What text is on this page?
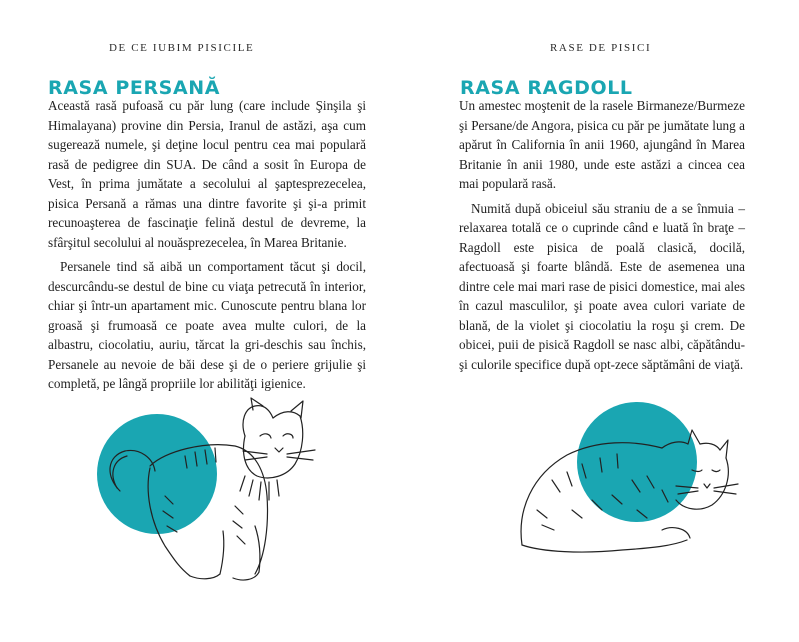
DE CE IUBIM PISICILE
RASA PERSANĂ

Această rasă pufoasă cu păr lung (care include Şinşila şi Himalayana) provine din Persia, Iranul de astăzi, aşa cum sugerează numele, şi deţine locul pentru cea mai populară rasă de pedigree din SUA. De când a sosit în Europa de Vest, în prima jumătate a secolului al şaptesprezecelea, pisica Persană a rămas una dintre favorite şi şi-a primit recunoaşterea de fascinaţie felină destul de devreme, la sfârşitul secolului al nouăsprezecelea, în Marea Britanie.

Persanele tind să aibă un comportament tăcut şi docil, descurcându-se destul de bine cu viaţa petrecută în interior, chiar şi într-un apartament mic. Cunoscute pentru blana lor groasă şi frumoasă ce poate avea multe culori, de la albastru, ciocolatiu, auriu, tărcat la gri-deschis sau închis, Persanele au nevoie de băi dese şi de o periere grijulie şi completă, pe lângă propriile lor abilităţi igienice.

RASE DE PISICI
RASA RAGDOLL

Un amestec moştenit de la rasele Birmaneze/Burmeze şi Persane/de Angora, pisica cu păr pe jumătate lung a apărut în California în anii 1960, ajungând în Marea Britanie în anii 1980, unde este astăzi a cincea cea mai populară rasă.

Numită după obiceiul său straniu de a se înmuia – relaxarea totală ce o cuprinde când e luată în braţe – Ragdoll este pisica de poală clasică, docilă, afectuoasă şi foarte blândă. Este de asemenea una dintre cele mai mari rase de pisici domestice, mai ales în cazul masculilor, şi poate avea culori variate de blană, de la violet şi ciocolatiu la roşu şi crem. De obicei, puii de pisică Ragdoll se nasc albi, căpătându-şi culorile specifice după opt-zece săptămâni de viaţă.
